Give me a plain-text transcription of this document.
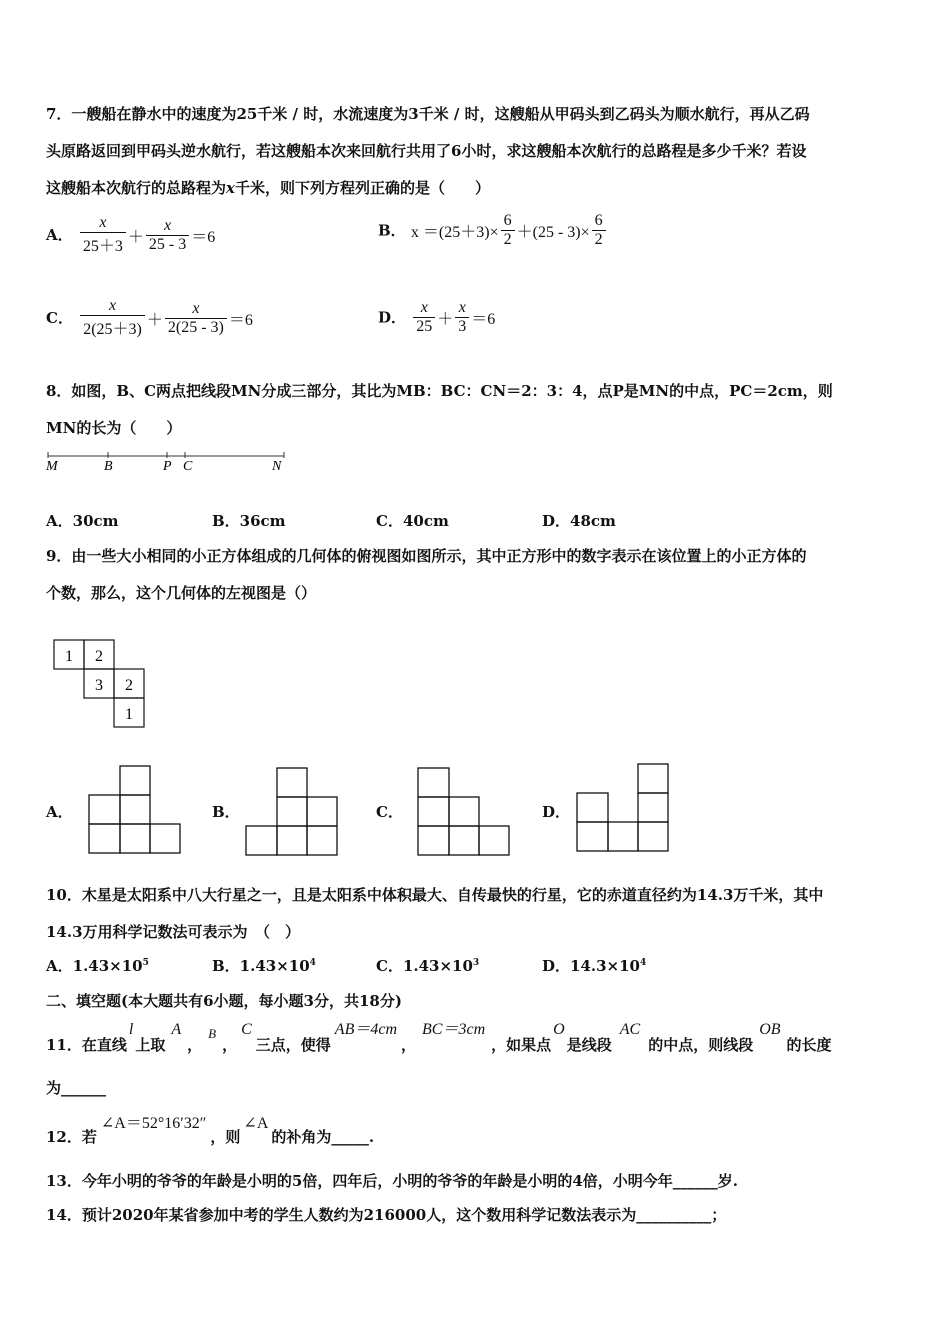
7．一艘船在静水中的速度为25千米 / 时，水流速度为3千米 / 时，这艘船从甲码头到乙码头为顺水航行，再从乙码
头原路返回到甲码头逆水航行，若这艘船本次来回航行共用了6小时，求这艘船本次航行的总路程是多少千米？若设
这艘船本次航行的总路程为x千米，则下列方程列正确的是（　　）
A． $\frac{x}{25+3} + \frac{x}{25 - 3} =6$	B． $x =(25+3)\times \frac{6}{2} +(25 - 3)\times \frac{6}{2}$
C． $\frac{x}{2(25+3)} + \frac{x}{2(25 - 3)} =6$	D． $\frac{x}{25} + \frac{x}{3} =6$
8．如图，B、C两点把线段MN分成三部分，其比为MB：BC：CN＝2：3：4，点P是MN的中点，PC＝2cm，则
MN的长为（　　）
M	B	P C	N
A．30cm	B．36cm	C．40cm	D．48cm
9．由一些大小相同的小正方体组成的几何体的俯视图如图所示，其中正方形中的数字表示在该位置上的小正方体的
个数，那么，这个几何体的左视图是（）
1 2
3 2
1
A．	B．	C．	D．
10．木星是太阳系中八大行星之一，且是太阳系中体积最大、自传最快的行星，它的赤道直径约为14.3万千米，其中
14.3万用科学记数法可表示为　（　）
A．$1.43\times 10^5$	B．$1.43\times 10^4$	C．$1.43\times 10^3$	D．$14.3\times 10^4$
二、填空题(本大题共有6小题，每小题3分，共18分)
11．在直线l上取A，B，C三点，使得AB＝4cm，BC＝3cm，如果点O是线段AC的中点，则线段OB的长度
为______
12．若∠A＝52°16′32″，则∠A的补角为_____.
13．今年小明的爷爷的年龄是小明的5倍，四年后，小明的爷爷的年龄是小明的4倍，小明今年______岁.
14．预计2020年某省参加中考的学生人数约为216000人，这个数用科学记数法表示为__________；
